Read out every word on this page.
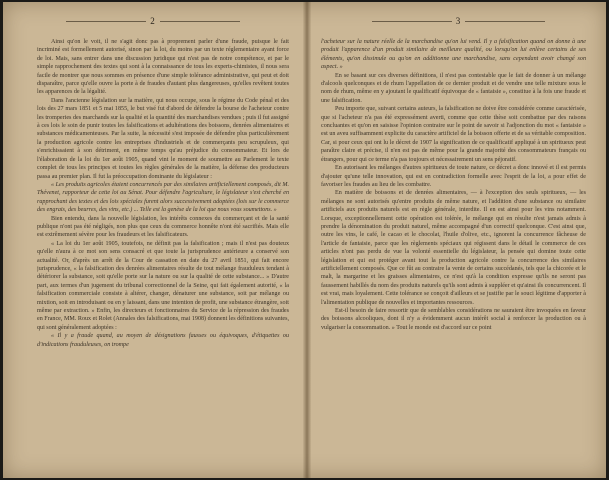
2

Ainsi qu'on le voit, il ne s'agit donc pas à proprement parler d'une fraude, puisque le fait incriminé est formellement autorisé, sinon par la loi, du moins par un texte réglementaire ayant force de loi. Mais, sans entrer dans une discussion juridique qui n'est pas de notre compétence, et par le simple rapprochement des textes qui sont à la connaissance de tous les experts-chimistes, il nous sera facile de montrer que nous sommes en présence d'une simple tolérance administrative, qui peut et doit disparaître, parce qu'elle ouvre la porte à de fraudes d'autant plus dangereuses, qu'elles revêtent toutes les apparences de la légalité.

Dans l'ancienne législation sur la matière, qui nous occupe, sous le régime du Code pénal et des lois des 27 mars 1851 et 5 mai 1855, le but visé fut d'abord de défendre la bourse de l'acheteur contre les tromperies des marchands sur la qualité et la quantité des marchandises vendues ; puis il fut assigné à ces lois le soin de punir toutes les falsifications et adultérations des boissons, denrées alimentaires et substances médicamenteuses. Par la suite, la nécessité s'est imposée de défendre plus particulièrement la production agricole contre les entreprises d'industriels et de commerçants peu scrupuleux, qui s'enrichissaient à son détriment, en même temps qu'au préjudice du consommateur. Et lors de l'élaboration de la loi du 1er août 1905, quand vint le moment de soumettre au Parlement le texte complet de tous les principes et toutes les règles générales de la matière, la défense des producteurs passa au premier plan. Il fut la préoccupation dominante du législateur :

« Les produits agricoles étaient concurrencés par des similaires artificiellement composés, dit M. Thévenet, rapporteur de cette loi au Sénat. Pour défendre l'agriculture, le législateur s'est cherché en rapprochant des textes et des lois spéciales furent alors successivement adoptées (lois sur le commerce des engrais, des beurres, des vins, etc.) ... Telle est la genèse de la loi que nous vous soumettons. »

Bien entendu, dans la nouvelle législation, les intérêts connexes du commerçant et de la santé publique n'ont pas été négligés, non plus que ceux du commerce honnête n'ont été sacrifiés. Mais elle est extrêmement sévère pour les fraudeurs et les falsificateurs.

« La loi du 1er août 1905, toutefois, ne définit pas la falsification ; mais il n'est pas douteux qu'elle n'aura à ce mot son sens consacré et que toute la jurisprudence antérieure a conservé son actualité. Or, d'après un arrêt de la Cour de cassation en date du 27 avril 1851, qui fait encore jurisprudence, « la falsification des denrées alimentaires résulte de tout mélange frauduleux tendant à détériorer la substance, soit qu'elle porte sur la nature ou sur la qualité de cette substance... » D'autre part, aux termes d'un jugement du tribunal correctionnel de la Seine, qui fait également autorité, « la falsification commerciale consiste à altérer, changer, dénaturer une substance, soit par mélange ou mixtion, soit en introduisant ou en y laissant, dans une intention de profit, une substance étrangère, soit même par extraction. » Enfin, les directeurs et fonctionnaires du Service de la répression des fraudes en France, MM. Roux et Rolet (Annales des falsifications, mai 1908) donnent les définitions suivantes, qui sont généralement adoptées :

« Il y a fraude quand, au moyen de désignations fausses ou équivoques, d'étiquettes ou d'indications frauduleuses, on trompe

3

l'acheteur sur la nature réelle de la marchandise qu'on lui vend. Il y a falsification quand on donne à une produit l'apparence d'un produit similaire de meilleure qualité, ou lorsqu'on lui enlève certains de ses éléments, qu'on dissimule ou qu'on en additionne une marchandise, sans cependant avoir changé son aspect. »

En se basant sur ces diverses définitions, il n'est pas contestable que le fait de donner à un mélange d'alcools quelconques et de rhum l'appellation de ce dernier produit et de vendre une telle mixture sous le nom de rhum, même en y ajoutant le qualificatif équivoque de « fantaisie », constitue à la fois une fraude et une falsification.

Peu importe que, suivant certains auteurs, la falsification ne doive être considérée comme caractérisée, que si l'acheteur n'a pas été expressément averti, comme que cette thèse soit combattue par des raisons concluantes et qu'on en saisisse l'opinion contraire sur le point de savoir si l'adjonction du mot « fantaisie » est un aveu suffisamment explicite du caractère artificiel de la boisson offerte et de sa véritable composition. Car, si pour ceux qui ont lu le décret de 1907 la signification de ce qualificatif appliqué à un spiritueux peut paraître claire et précise, il n'en est pas de même pour la grande majorité des consommateurs français ou étrangers, pour qui ce terme n'a pas toujours et nécessairement un sens péjoratif.

En autorisant les mélanges d'autres spiritueux de toute nature, ce décret a donc innové et il est permis d'ajouter qu'une telle innovation, qui est en contradiction formelle avec l'esprit de la loi, a pour effet de favoriser les fraudes au lieu de les combattre.

En matière de boissons et de denrées alimentaires, — à l'exception des seuls spiritueux, — les mélanges ne sont autorisés qu'entre produits de même nature, et l'addition d'une substance ou similaire artificiels aux produits naturels est en règle générale, interdite. Il en est ainsi pour les vins notamment. Lorsque, exceptionnellement cette opération est tolérée, le mélange qui en résulte n'est jamais admis à prendre la dénomination du produit naturel, même accompagné d'un correctif quelconque. C'est ainsi que, outre les vins, le café, le cacao et le chocolat, l'huile d'olive, etc., ignorent la concurrence fâcheuse de l'article de fantaisie, parce que les règlements spéciaux qui régissent dans le détail le commerce de ces articles n'ont pas perdu de vue la volonté essentielle du législateur, la pensée qui domine toute cette législation et qui est protéger avant tout la production agricole contre la concurrence des similaires artificiellement composés. Que ce fût au contraire la vente de certains succédanés, tels que la chicorée et le malt, la margarine et les graisses alimentaires, ce n'est qu'à la condition expresse qu'ils ne seront pas faussement habillés du nom des produits naturels qu'ils sont admis à suppléer et qu'ainsi ils concurrencent. Il est vrai, mais loyalement. Cette tolérance se conçoit d'ailleurs et se justifie par le souci légitime d'apporter à l'alimentation publique de nouvelles et importantes ressources.

Est-il besoin de faire ressortir que de semblables considérations ne sauraient être invoquées en faveur des boissons alcooliques, dont il n'y a évidemment aucun intérêt social à renforcer la production ou à vulgariser la consommation. » Tout le monde est d'accord sur ce point
